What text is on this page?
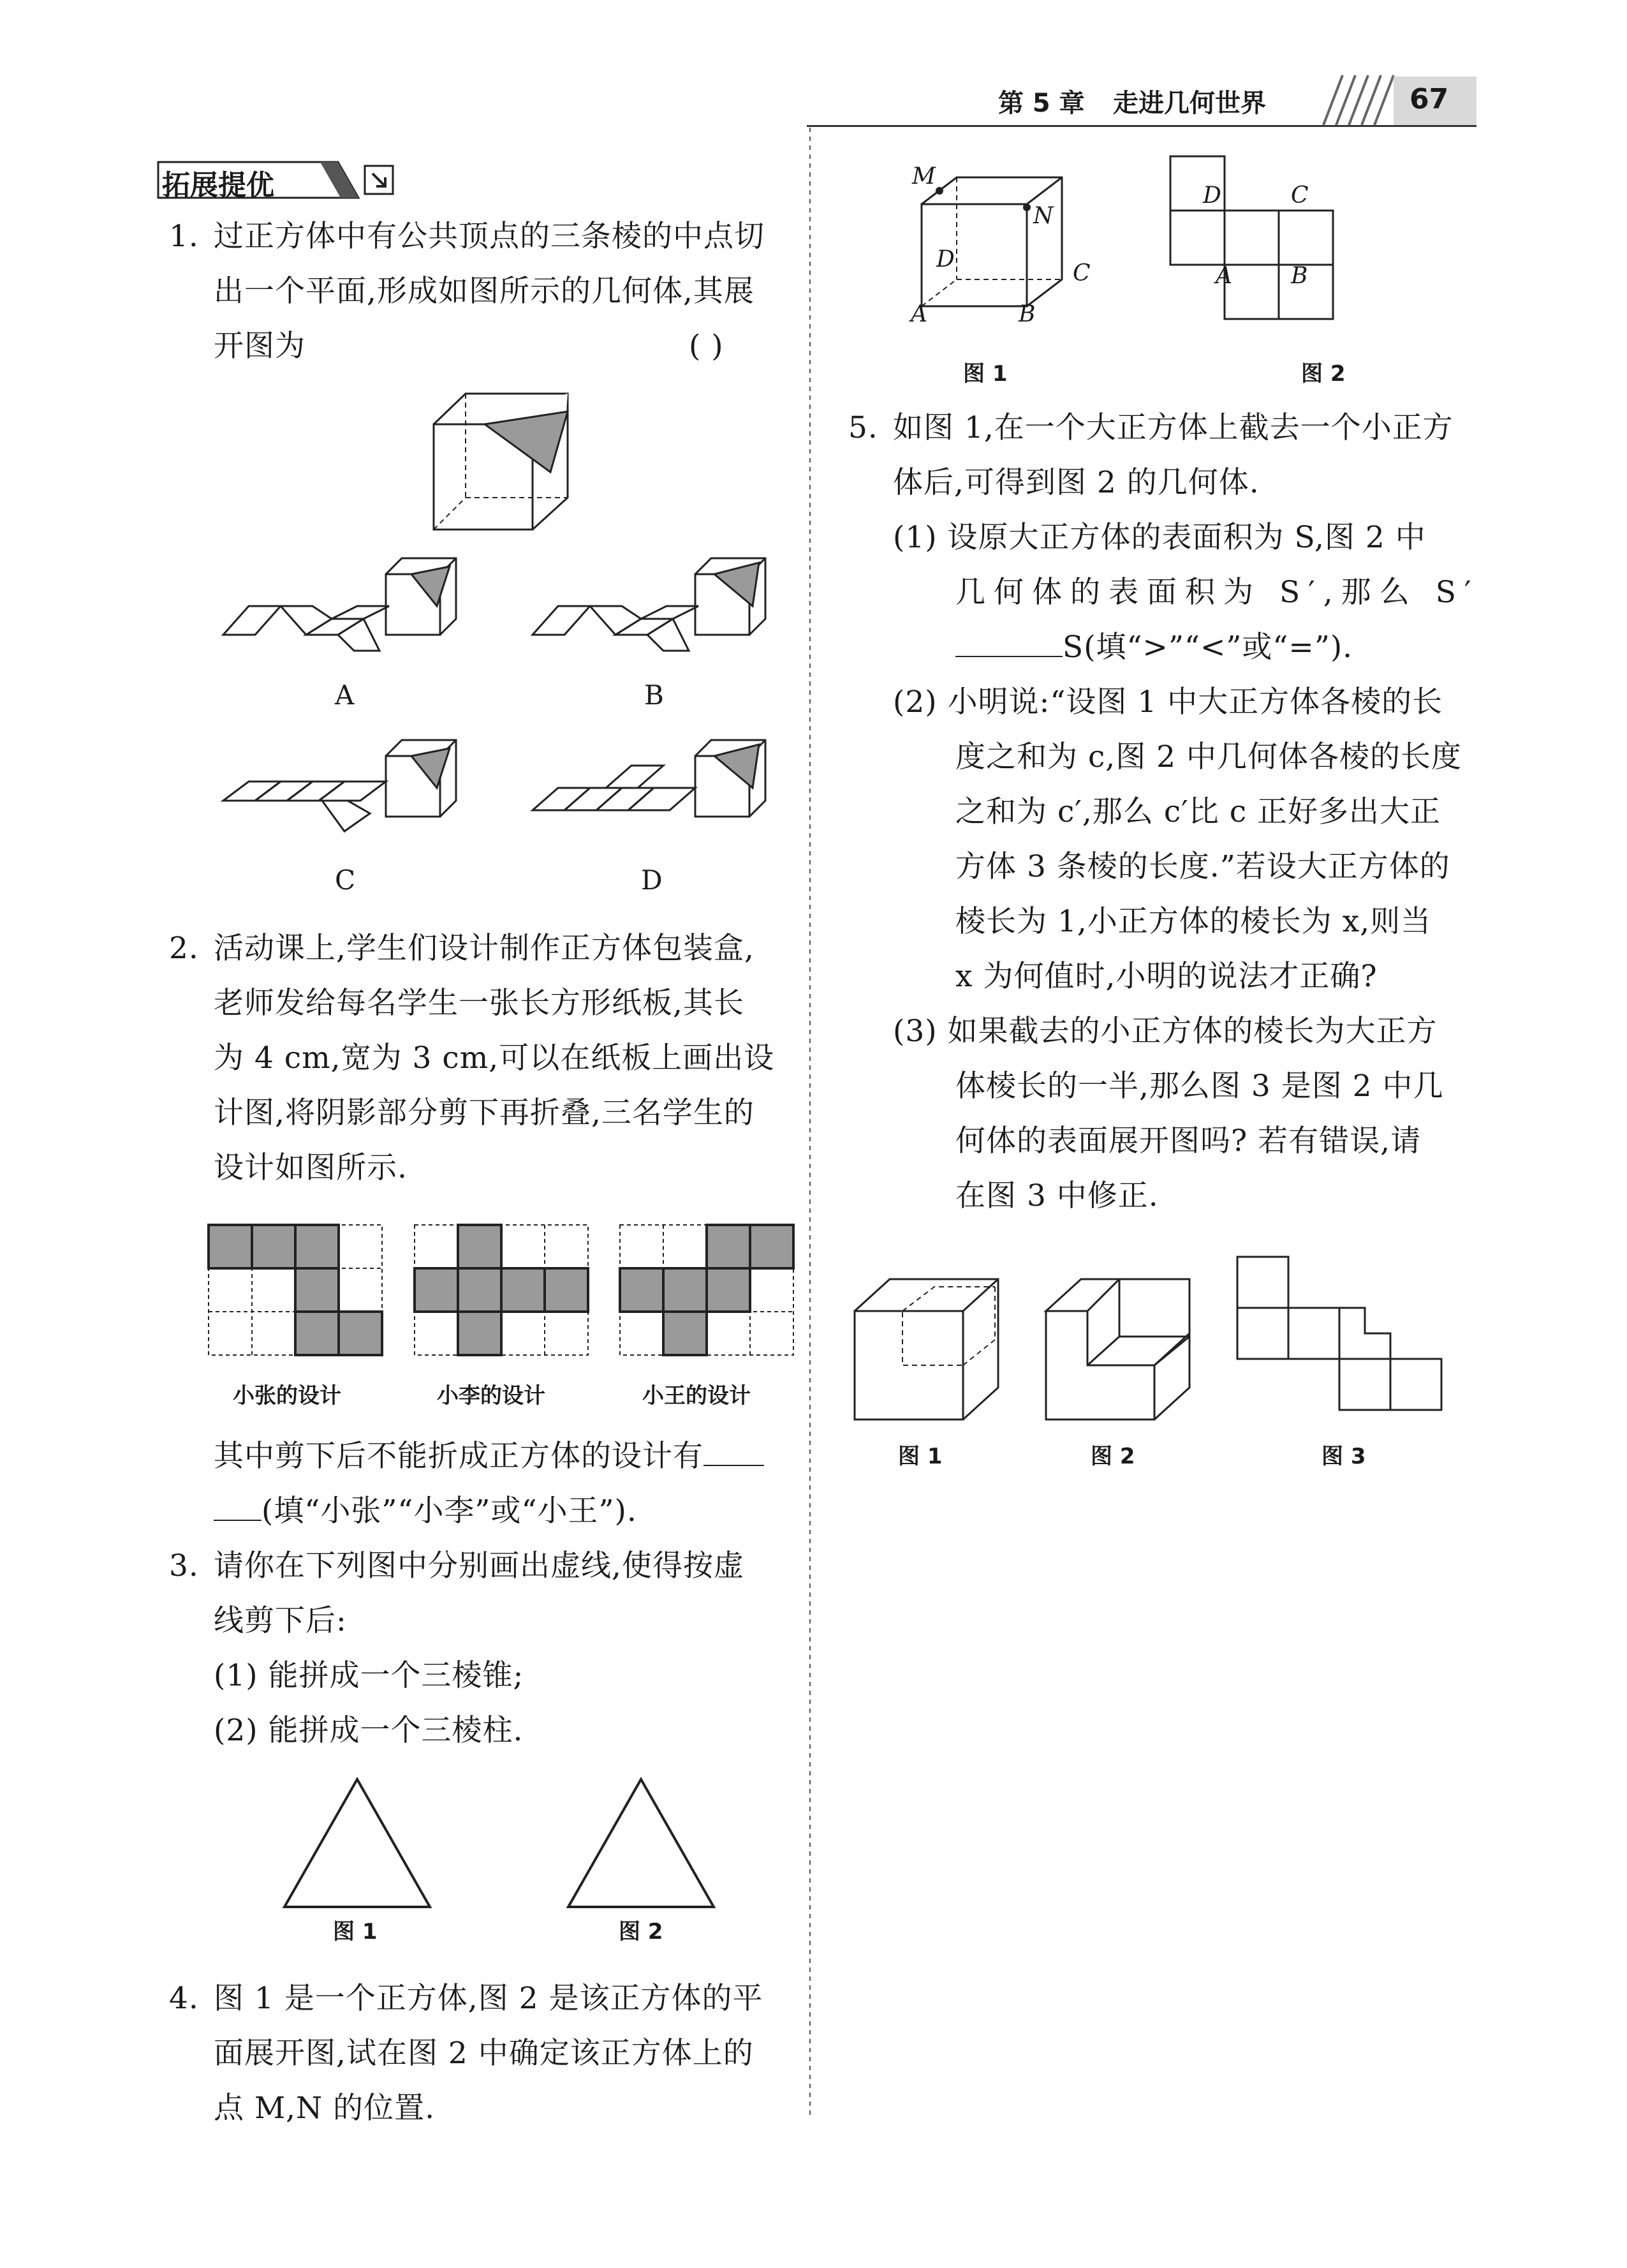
第 5 章 走进几何世界	67
拓展提优
1. 过正方体中有公共顶点的三条棱的中点切
出一个平面,形成如图所示的几何体,其展
开图为	( )
A	B
C	D
2. 活动课上,学生们设计制作正方体包装盒,
老师发给每名学生一张长方形纸板,其长
为 4 cm,宽为 3 cm,可以在纸板上画出设
计图,将阴影部分剪下再折叠,三名学生的
设计如图所示.
小张的设计	小李的设计	小王的设计
其中剪下后不能折成正方体的设计有
(填“小张”“小李”或“小王”).
3. 请你在下列图中分别画出虚线,使得按虚
线剪下后:
(1) 能拼成一个三棱锥;
(2) 能拼成一个三棱柱.
图 1	图 2
4. 图 1 是一个正方体,图 2 是该正方体的平
面展开图,试在图 2 中确定该正方体上的
点 M,N 的位置.
M
N
D
C
A	B
图 1
D	C
A	B
图 2
5. 如图 1,在一个大正方体上截去一个小正方
体后,可得到图 2 的几何体.
(1) 设原大正方体的表面积为 S,图 2 中
几何体的表面积为 S′,那么 S′
S(填“>”“<”或“=”).
(2) 小明说:“设图 1 中大正方体各棱的长
度之和为 c,图 2 中几何体各棱的长度
之和为 c′,那么 c′比 c 正好多出大正
方体 3 条棱的长度.”若设大正方体的
棱长为 1,小正方体的棱长为 x,则当
x 为何值时,小明的说法才正确?
(3) 如果截去的小正方体的棱长为大正方
体棱长的一半,那么图 3 是图 2 中几
何体的表面展开图吗? 若有错误,请
在图 3 中修正.
图 1	图 2	图 3
